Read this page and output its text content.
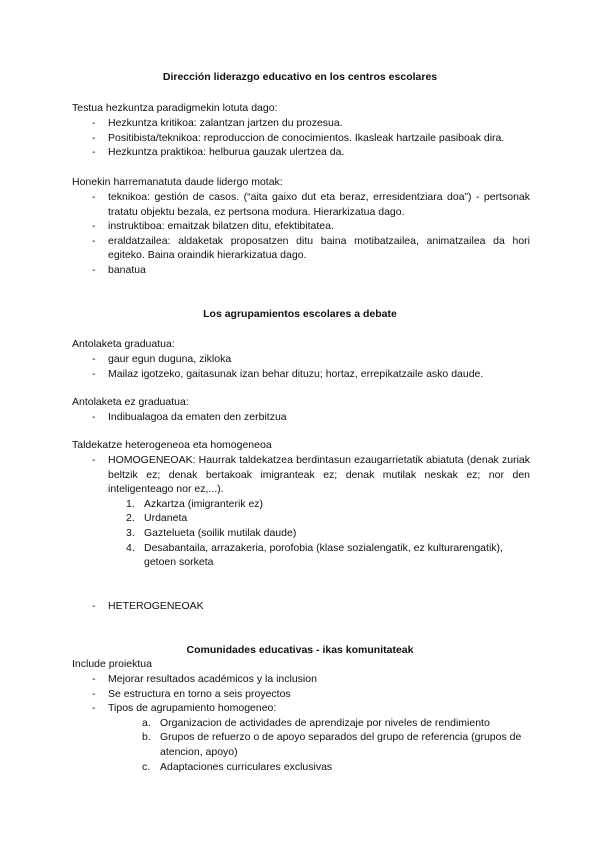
Dirección liderazgo educativo en los centros escolares

Testua hezkuntza paradigmekin lotuta dago:

- Hezkuntza kritikoa: zalantzan jartzen du prozesua.
- Positibista/teknikoa: reproduccion de conocimientos. Ikasleak hartzaile pasiboak dira.
- Hezkuntza praktikoa: helburua gauzak ulertzea da.

Honekin harremanatuta daude lidergo motak:

- teknikoa: gestión de casos. (“aita gaixo dut eta beraz, erresidentziara doa”) - pertsonak tratatu objektu bezala, ez pertsona modura. Hierarkizatua dago.
- instruktiboa: emaitzak bilatzen ditu, efektibitatea.
- eraldatzailea: aldaketak proposatzen ditu baina motibatzailea, animatzailea da hori egiteko. Baina oraindik hierarkizatua dago.
- banatua
Los agrupamientos escolares a debate

Antolaketa graduatua:

- gaur egun duguna, zikloka
- Mailaz igotzeko, gaitasunak izan behar dituzu; hortaz, errepikatzaile asko daude.

Antolaketa ez graduatua:

- Indibualagoa da ematen den zerbitzua

Taldekatze heterogeneoa eta homogeneoa

- HOMOGENEOAK: Haurrak taldekatzea berdintasun ezaugarrietatik abiatuta (denak zuriak beltzik ez; denak bertakoak imigranteak ez; denak mutilak neskak ez; nor den inteligenteago nor ez,...).
1. Azkartza (imigranterik ez)
2. Urdaneta
3. Gaztelueta (soilik mutilak daude)
4. Desabantaila, arrazakeria, porofobia (klase sozialengatik, ez kulturarengatik), getoen sorketa
- HETEROGENEOAK
Comunidades educativas - ikas komunitateak

Include proiektua

- Mejorar resultados académicos y la inclusion
- Se estructura en torno a seis proyectos
- Tipos de agrupamiento homogeneo:
a. Organizacion de actividades de aprendizaje por niveles de rendimiento
b. Grupos de refuerzo o de apoyo separados del grupo de referencia (grupos de atencion, apoyo)
c. Adaptaciones curriculares exclusivas
